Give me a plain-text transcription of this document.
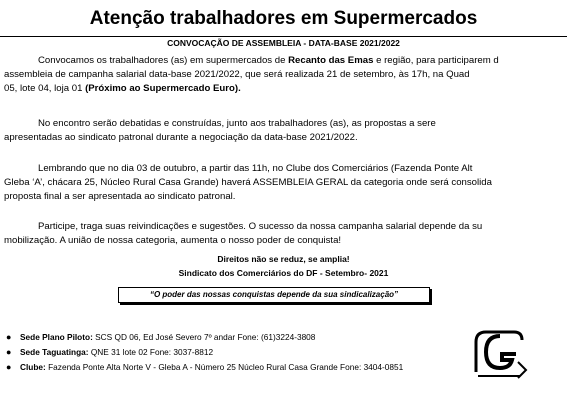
Atenção trabalhadores em Supermercados
CONVOCAÇÃO DE ASSEMBLEIA - DATA-BASE 2021/2022
Convocamos os trabalhadores (as) em supermercados de Recanto das Emas e região, para participarem d
assembleia de campanha salarial data-base 2021/2022, que será realizada 21 de setembro, às 17h, na Quad
05, lote 04, loja 01 (Próximo ao Supermercado Euro).
No encontro serão debatidas e construídas, junto aos trabalhadores (as), as propostas a sere
apresentadas ao sindicato patronal durante a negociação da data-base 2021/2022.
Lembrando que no dia 03 de outubro, a partir das 11h, no Clube dos Comerciários (Fazenda Ponte Alt
Gleba ‘A’, chácara 25, Núcleo Rural Casa Grande) haverá ASSEMBLEIA GERAL da categoria onde será consolida
proposta final a ser apresentada ao sindicato patronal.
Participe, traga suas reivindicações e sugestões. O sucesso da nossa campanha salarial depende da su
mobilização. A união de nossa categoria, aumenta o nosso poder de conquista!
Direitos não se reduz, se amplia!
Sindicato dos Comerciários do DF - Setembro- 2021
“O poder das nossas conquistas depende da sua sindicalização”
● Sede Plano Piloto: SCS QD 06, Ed José Severo 7º andar Fone: (61)3224-3808
● Sede Taguatinga: QNE 31 lote 02 Fone: 3037-8812
● Clube: Fazenda Ponte Alta Norte V - Gleba A - Número 25 Núcleo Rural Casa Grande Fone: 3404-0851
